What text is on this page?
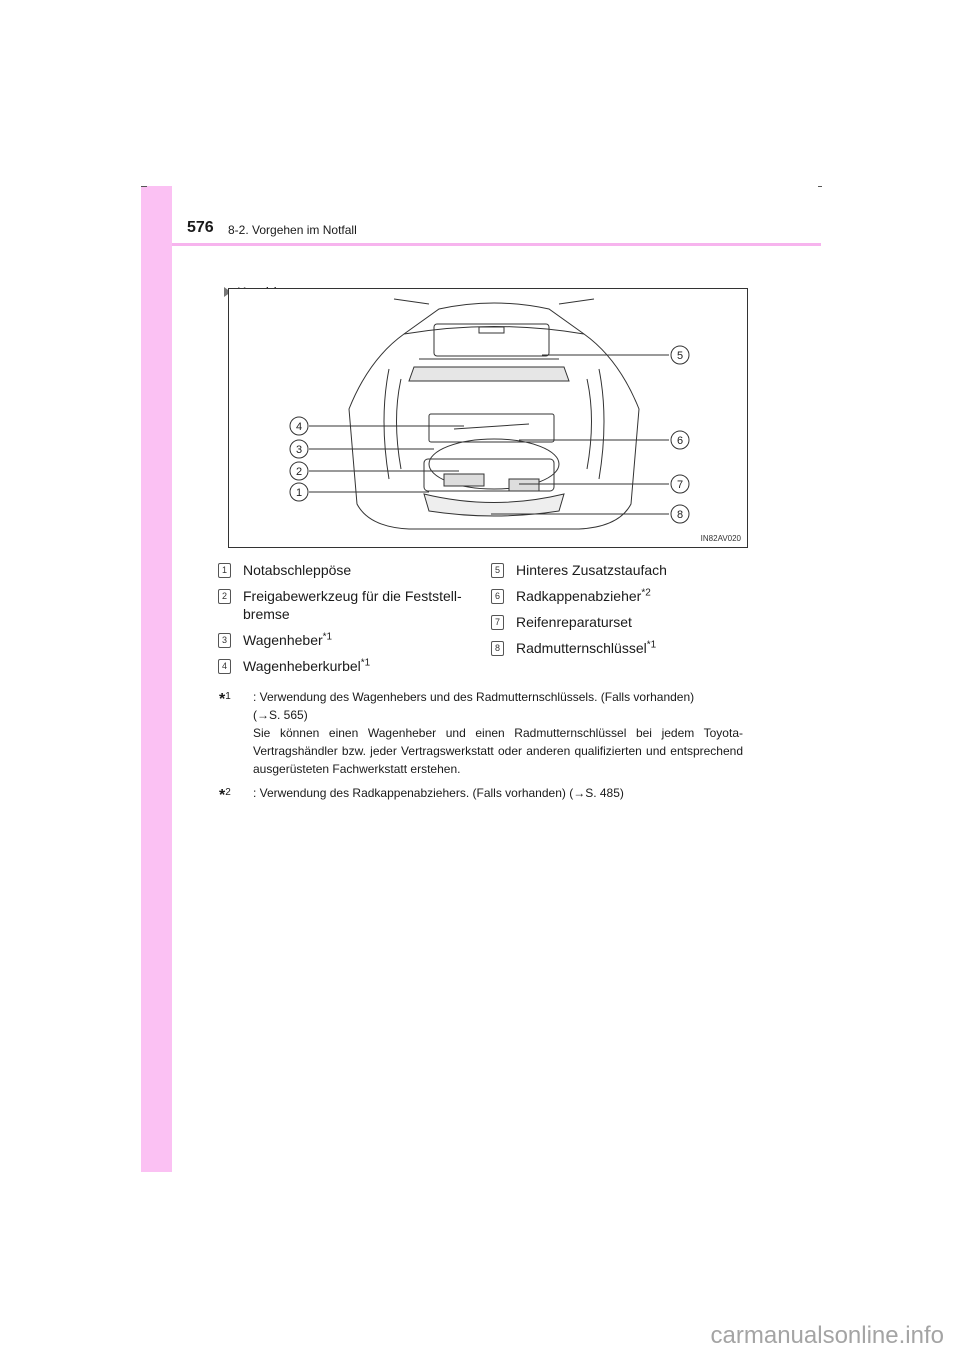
576 8-2. Vorgehen im Notfall
4
3
2
1
5
6
7
8
IN82AV020
1 Notabschleppöse
2 Freigabewerkzeug für die Feststell-
bremse
3 Wagenheber$^{*1}$
4 Wagenheberkurbel$^{*1}$
5 Hinteres Zusatzstaufach
6 Radkappenabzieher$^{*2}$
7 Reifenreparaturset
8 Radmutternschlüssel$^{*1}$
*$^1$ : Verwendung des Wagenhebers und des Radmutternschlüssels. (Falls vorhanden)
(→S. 565)
Sie können einen Wagenheber und einen Radmutternschlüssel bei jedem Toyota-Vertragshändler bzw. jeder Vertragswerkstatt oder anderen qualifizierten und entsprechend ausgerüsteten Fachwerkstatt erstehen.
*$^2$ : Verwendung des Radkappenabziehers. (Falls vorhanden) (→S. 485)
carmanualsonline.info
